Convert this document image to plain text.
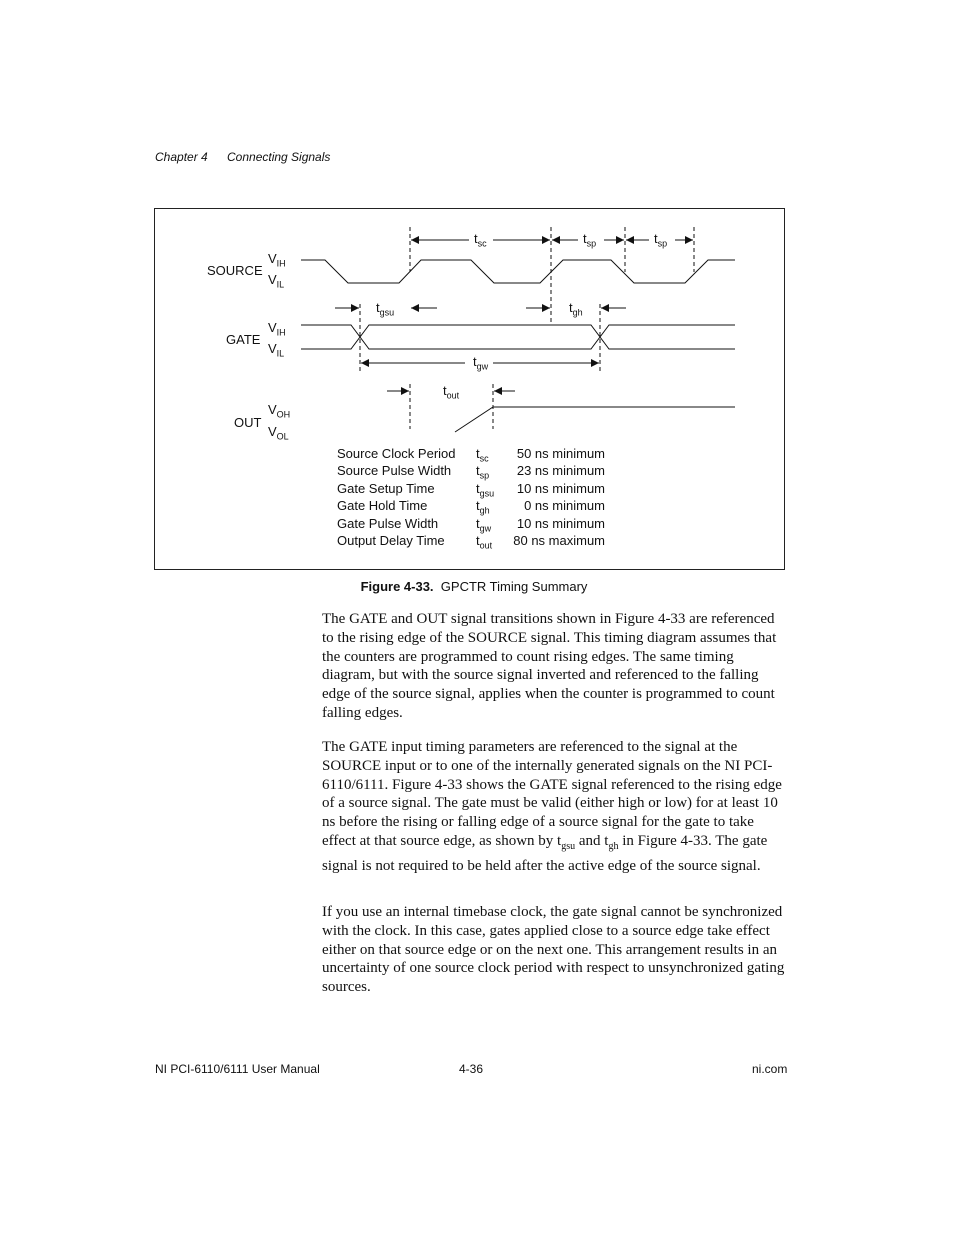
Chapter 4 Connecting Signals
SOURCE
GATE
OUT
$V_{IH}$
$V_{IL}$
$V_{IH}$
$V_{IL}$
$V_{OH}$
$V_{OL}$
$t_{sc}$	$t_{sp}$	$t_{sp}$
$t_{gsu}$	$t_{gh}$
$t_{gw}$
$t_{out}$
Source Clock Period $t_{sc}$	50 ns minimum
Source Pulse Width $t_{sp}$	23 ns minimum
Gate Setup Time	$t_{gsu}$	10 ns minimum
Gate Hold Time	$t_{gh}$	0 ns minimum
Gate Pulse Width	$t_{gw}$	10 ns minimum
Output Delay Time $t_{out}$	80 ns maximum
Figure 4-33. GPCTR Timing Summary

The GATE and OUT signal transitions shown in Figure 4-33 are referenced to the rising edge of the SOURCE signal. This timing diagram assumes that the counters are programmed to count rising edges. The same timing diagram, but with the source signal inverted and referenced to the falling edge of the source signal, applies when the counter is programmed to count falling edges.

The GATE input timing parameters are referenced to the signal at the SOURCE input or to one of the internally generated signals on the NI PCI-6110/6111. Figure 4-33 shows the GATE signal referenced to the rising edge of a source signal. The gate must be valid (either high or low) for at least 10 ns before the rising or falling edge of a source signal for the gate to take effect at that source edge, as shown by $t_{gsu}$ and $t_{gh}$ in Figure 4-33. The gate signal is not required to be held after the active edge of the source signal.

If you use an internal timebase clock, the gate signal cannot be synchronized with the clock. In this case, gates applied close to a source edge take effect either on that source edge or on the next one. This arrangement results in an uncertainty of one source clock period with respect to unsynchronized gating sources.

NI PCI-6110/6111 User Manual	4-36	ni.com
